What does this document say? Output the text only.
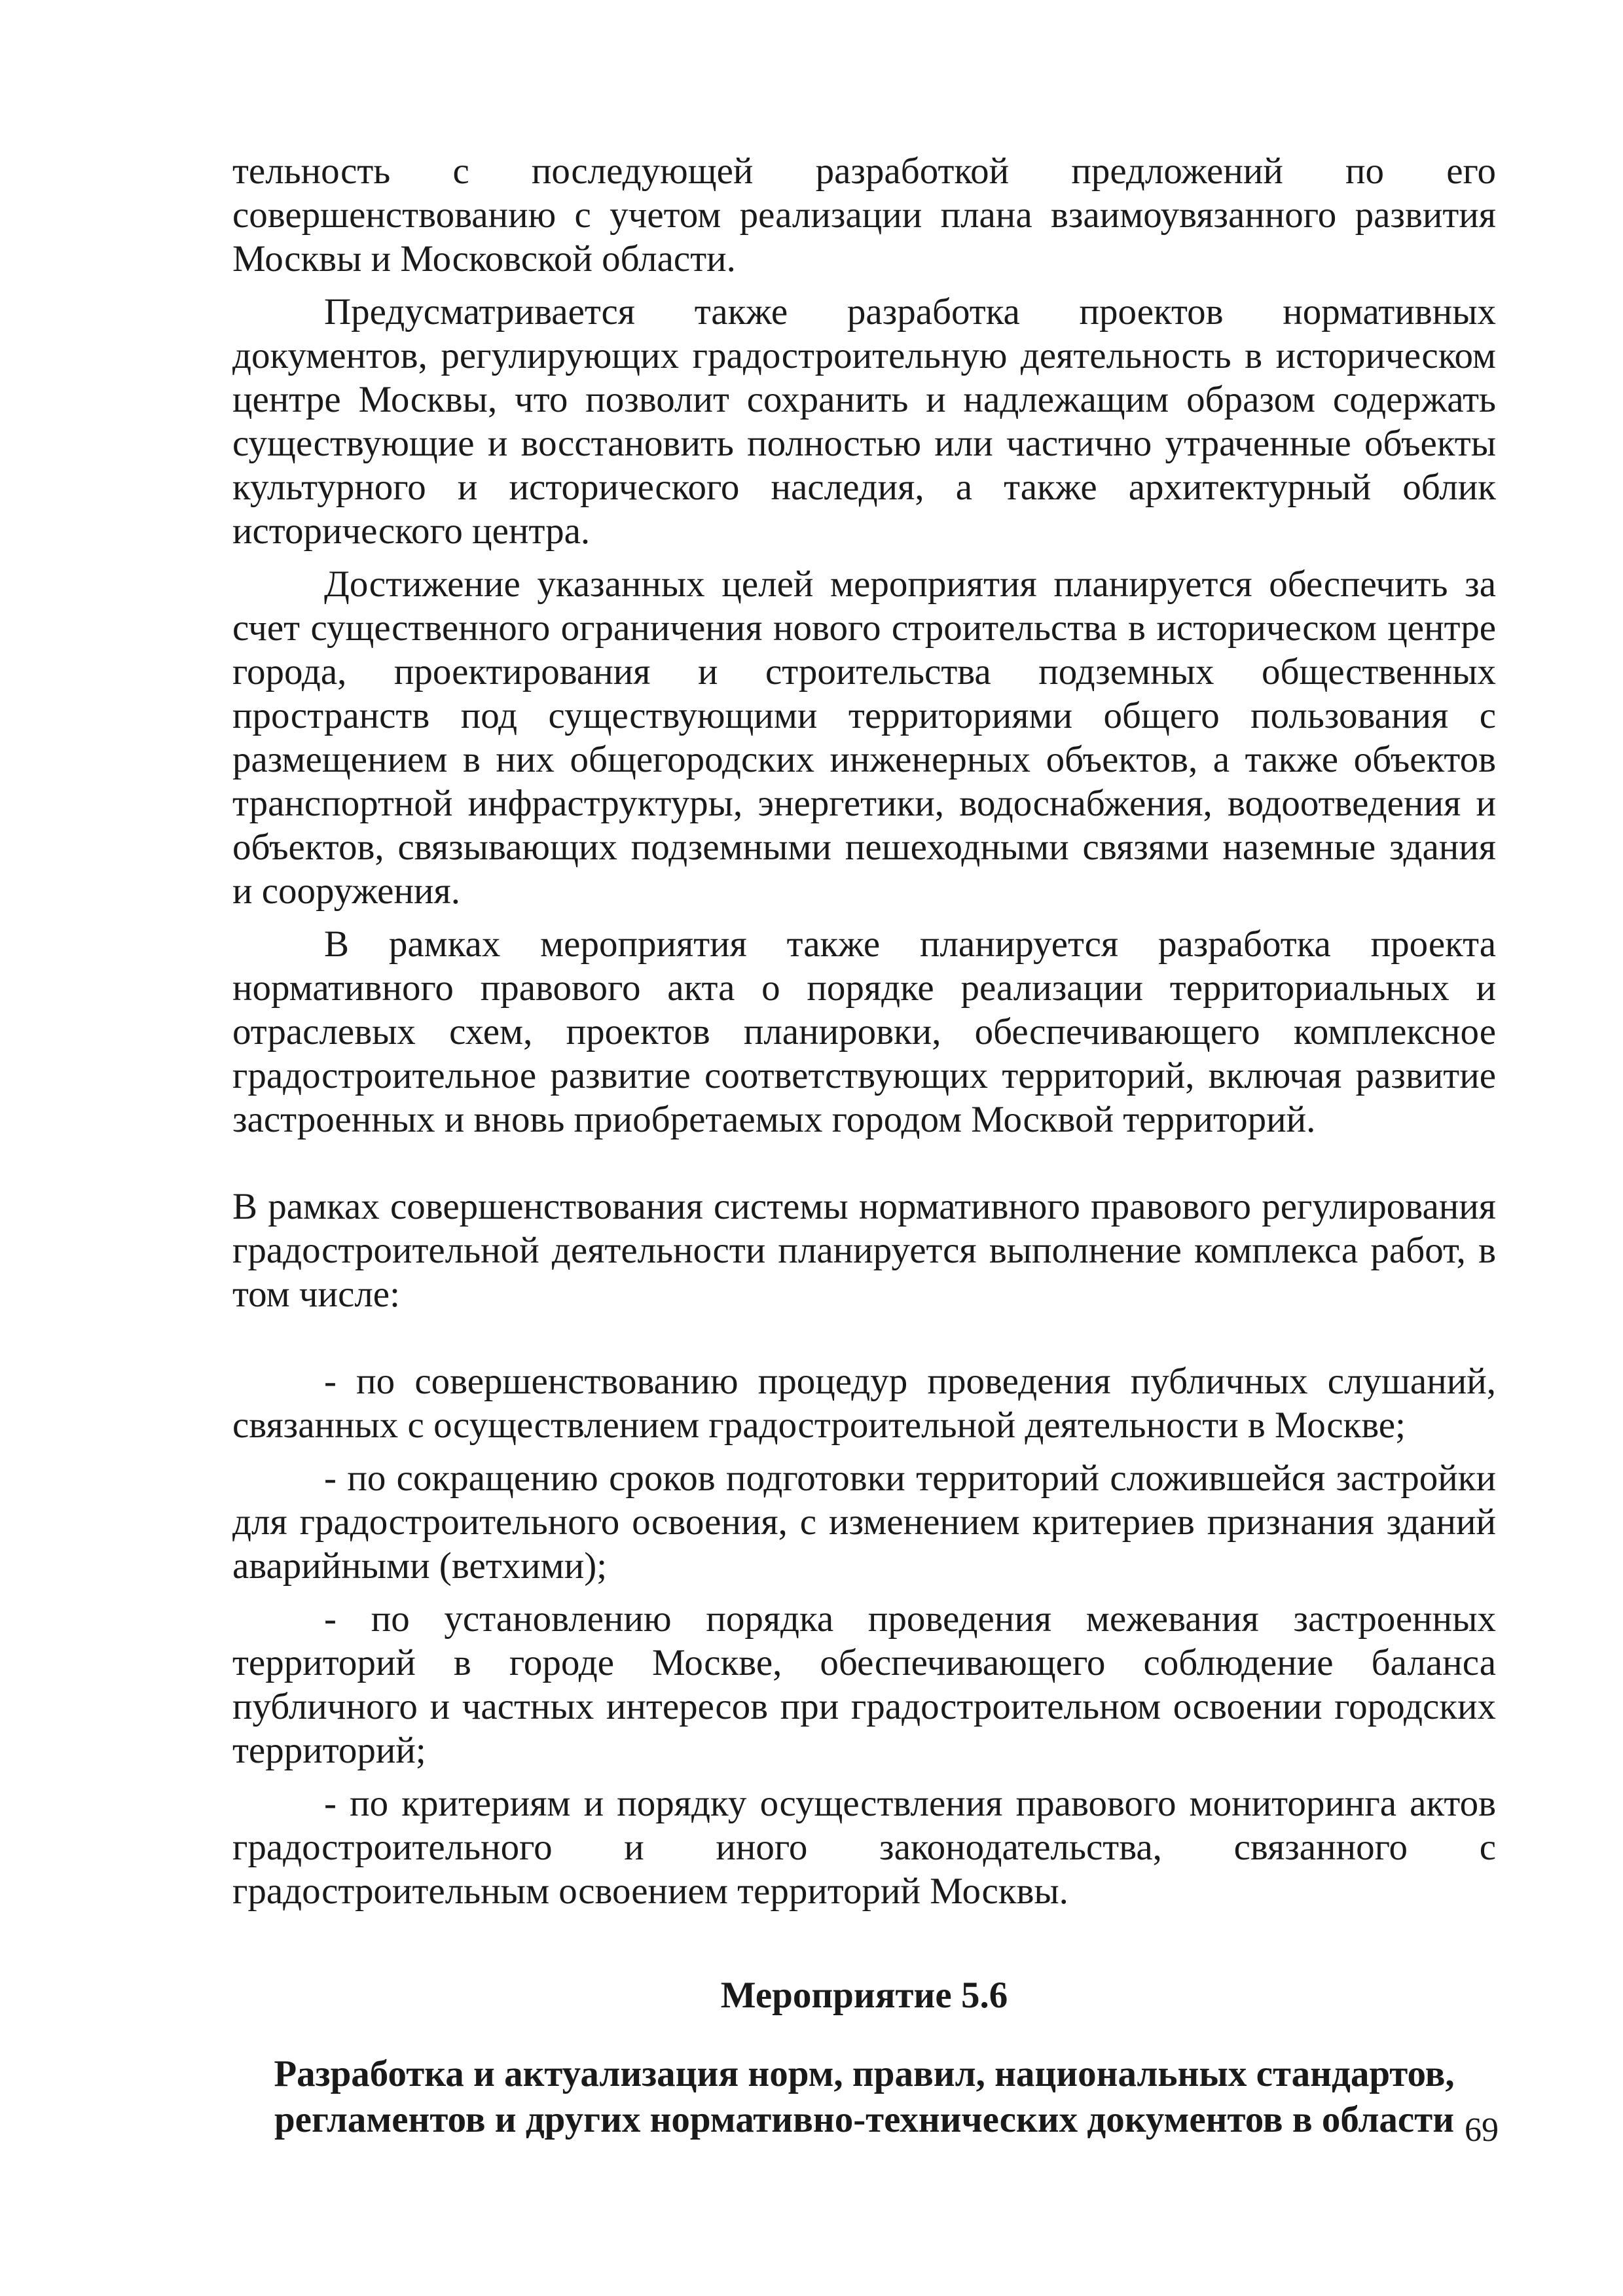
тельность с последующей разработкой предложений по его совершенствованию с учетом реализации плана взаимоувязанного развития Москвы и Московской области.

Предусматривается также разработка проектов нормативных документов, регулирующих градостроительную деятельность в историческом центре Москвы, что позволит сохранить и надлежащим образом содержать существующие и восстановить полностью или частично утраченные объекты культурного и исторического наследия, а также архитектурный облик исторического центра.

Достижение указанных целей мероприятия планируется обеспечить за счет существенного ограничения нового строительства в историческом центре города, проектирования и строительства подземных общественных пространств под существующими территориями общего пользования с размещением в них общегородских инженерных объектов, а также объектов транспортной инфраструктуры, энергетики, водоснабжения, водоотведения и объектов, связывающих подземными пешеходными связями наземные здания и сооружения.

В рамках мероприятия также планируется разработка проекта нормативного правового акта о порядке реализации территориальных и отраслевых схем, проектов планировки, обеспечивающего комплексное градостроительное развитие соответствующих территорий, включая развитие застроенных и вновь приобретаемых городом Москвой территорий.

В рамках совершенствования системы нормативного правового регулирования градостроительной деятельности планируется выполнение комплекса работ, в том числе:

- по совершенствованию процедур проведения публичных слушаний, связанных с осуществлением градостроительной деятельности в Москве;

- по сокращению сроков подготовки территорий сложившейся застройки для градостроительного освоения, с изменением критериев признания зданий аварийными (ветхими);

- по установлению порядка проведения межевания застроенных территорий в городе Москве, обеспечивающего соблюдение баланса публичного и частных интересов при градостроительном освоении городских территорий;

- по критериям и порядку осуществления правового мониторинга актов градостроительного и иного законодательства, связанного с градостроительным освоением территорий Москвы.

Мероприятие 5.6

Разработка и актуализация норм, правил, национальных стандартов,
регламентов и других нормативно-технических документов в области 69
